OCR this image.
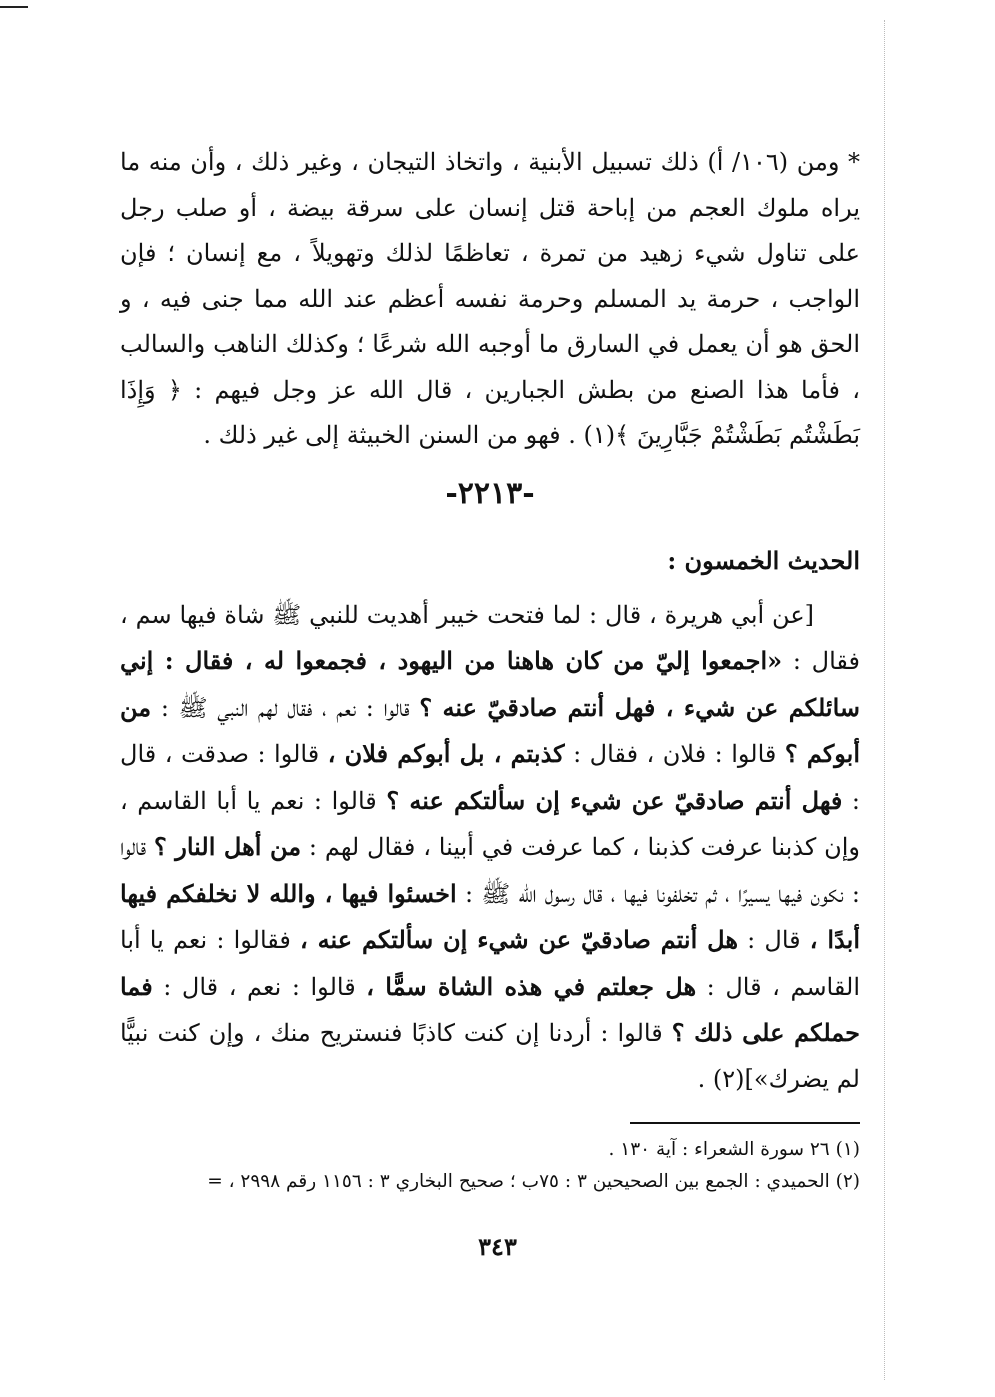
* ومن (١٠٦/ أ) ذلك تسبيل الأبنية ، واتخاذ التيجان ، وغير ذلك ، وأن منه ما يراه ملوك العجم من إباحة قتل إنسان على سرقة بيضة ، أو صلب رجل على تناول شيء زهيد من تمرة ، تعاظمًا لذلك وتهويلاً ، مع إنسان ؛ فإن الواجب ، حرمة يد المسلم وحرمة نفسه أعظم عند الله مما جنى فيه ، و الحق هو أن يعمل في السارق ما أوجبه الله شرعًا ؛ وكذلك الناهب والسالب ، فأما هذا الصنع من بطش الجبارين ، قال الله عز وجل فيهم : ﴿ وَإِذَا بَطَشْتُم بَطَشْتُمْ جَبَّارِينَ ﴾(١) . فهو من السنن الخبيثة إلى غير ذلك .

-٢٢١٣-
الحديث الخمسون :

[عن أبي هريرة ، قال : لما فتحت خيبر أهديت للنبي ﷺ شاة فيها سم ، فقال : «اجمعوا إليّ من كان هاهنا من اليهود ، فجمعوا له ، فقال : إني سائلكم عن شيء ، فهل أنتم صادقيّ عنه ؟ قالوا : نعم ، فقال لهم النبي ﷺ : من أبوكم ؟ قالوا : فلان ، فقال : كذبتم ، بل أبوكم فلان ، قالوا : صدقت ، قال : فهل أنتم صادقيّ عن شيء إن سألتكم عنه ؟ قالوا : نعم يا أبا القاسم ، وإن كذبنا عرفت كذبنا ، كما عرفت في أبينا ، فقال لهم : من أهل النار ؟ قالوا : نكون فيها يسيرًا ، ثم تخلفونا فيها ، قال رسول الله ﷺ : اخسئوا فيها ، والله لا نخلفكم فيها أبدًا ، قال : هل أنتم صادقيّ عن شيء إن سألتكم عنه ، فقالوا : نعم يا أبا القاسم ، قال : هل جعلتم في هذه الشاة سمًّا ، قالوا : نعم ، قال : فما حملكم على ذلك ؟ قالوا : أردنا إن كنت كاذبًا فنستريح منك ، وإن كنت نبيًّا لم يضرك»](٢) .

(١) ٢٦ سورة الشعراء : آية ١٣٠ .
(٢) الحميدي : الجمع بين الصحيحين ٣ : ٧٥ب ؛ صحيح البخاري ٣ : ١١٥٦ رقم ٢٩٩٨ ، =
٣٤٣
